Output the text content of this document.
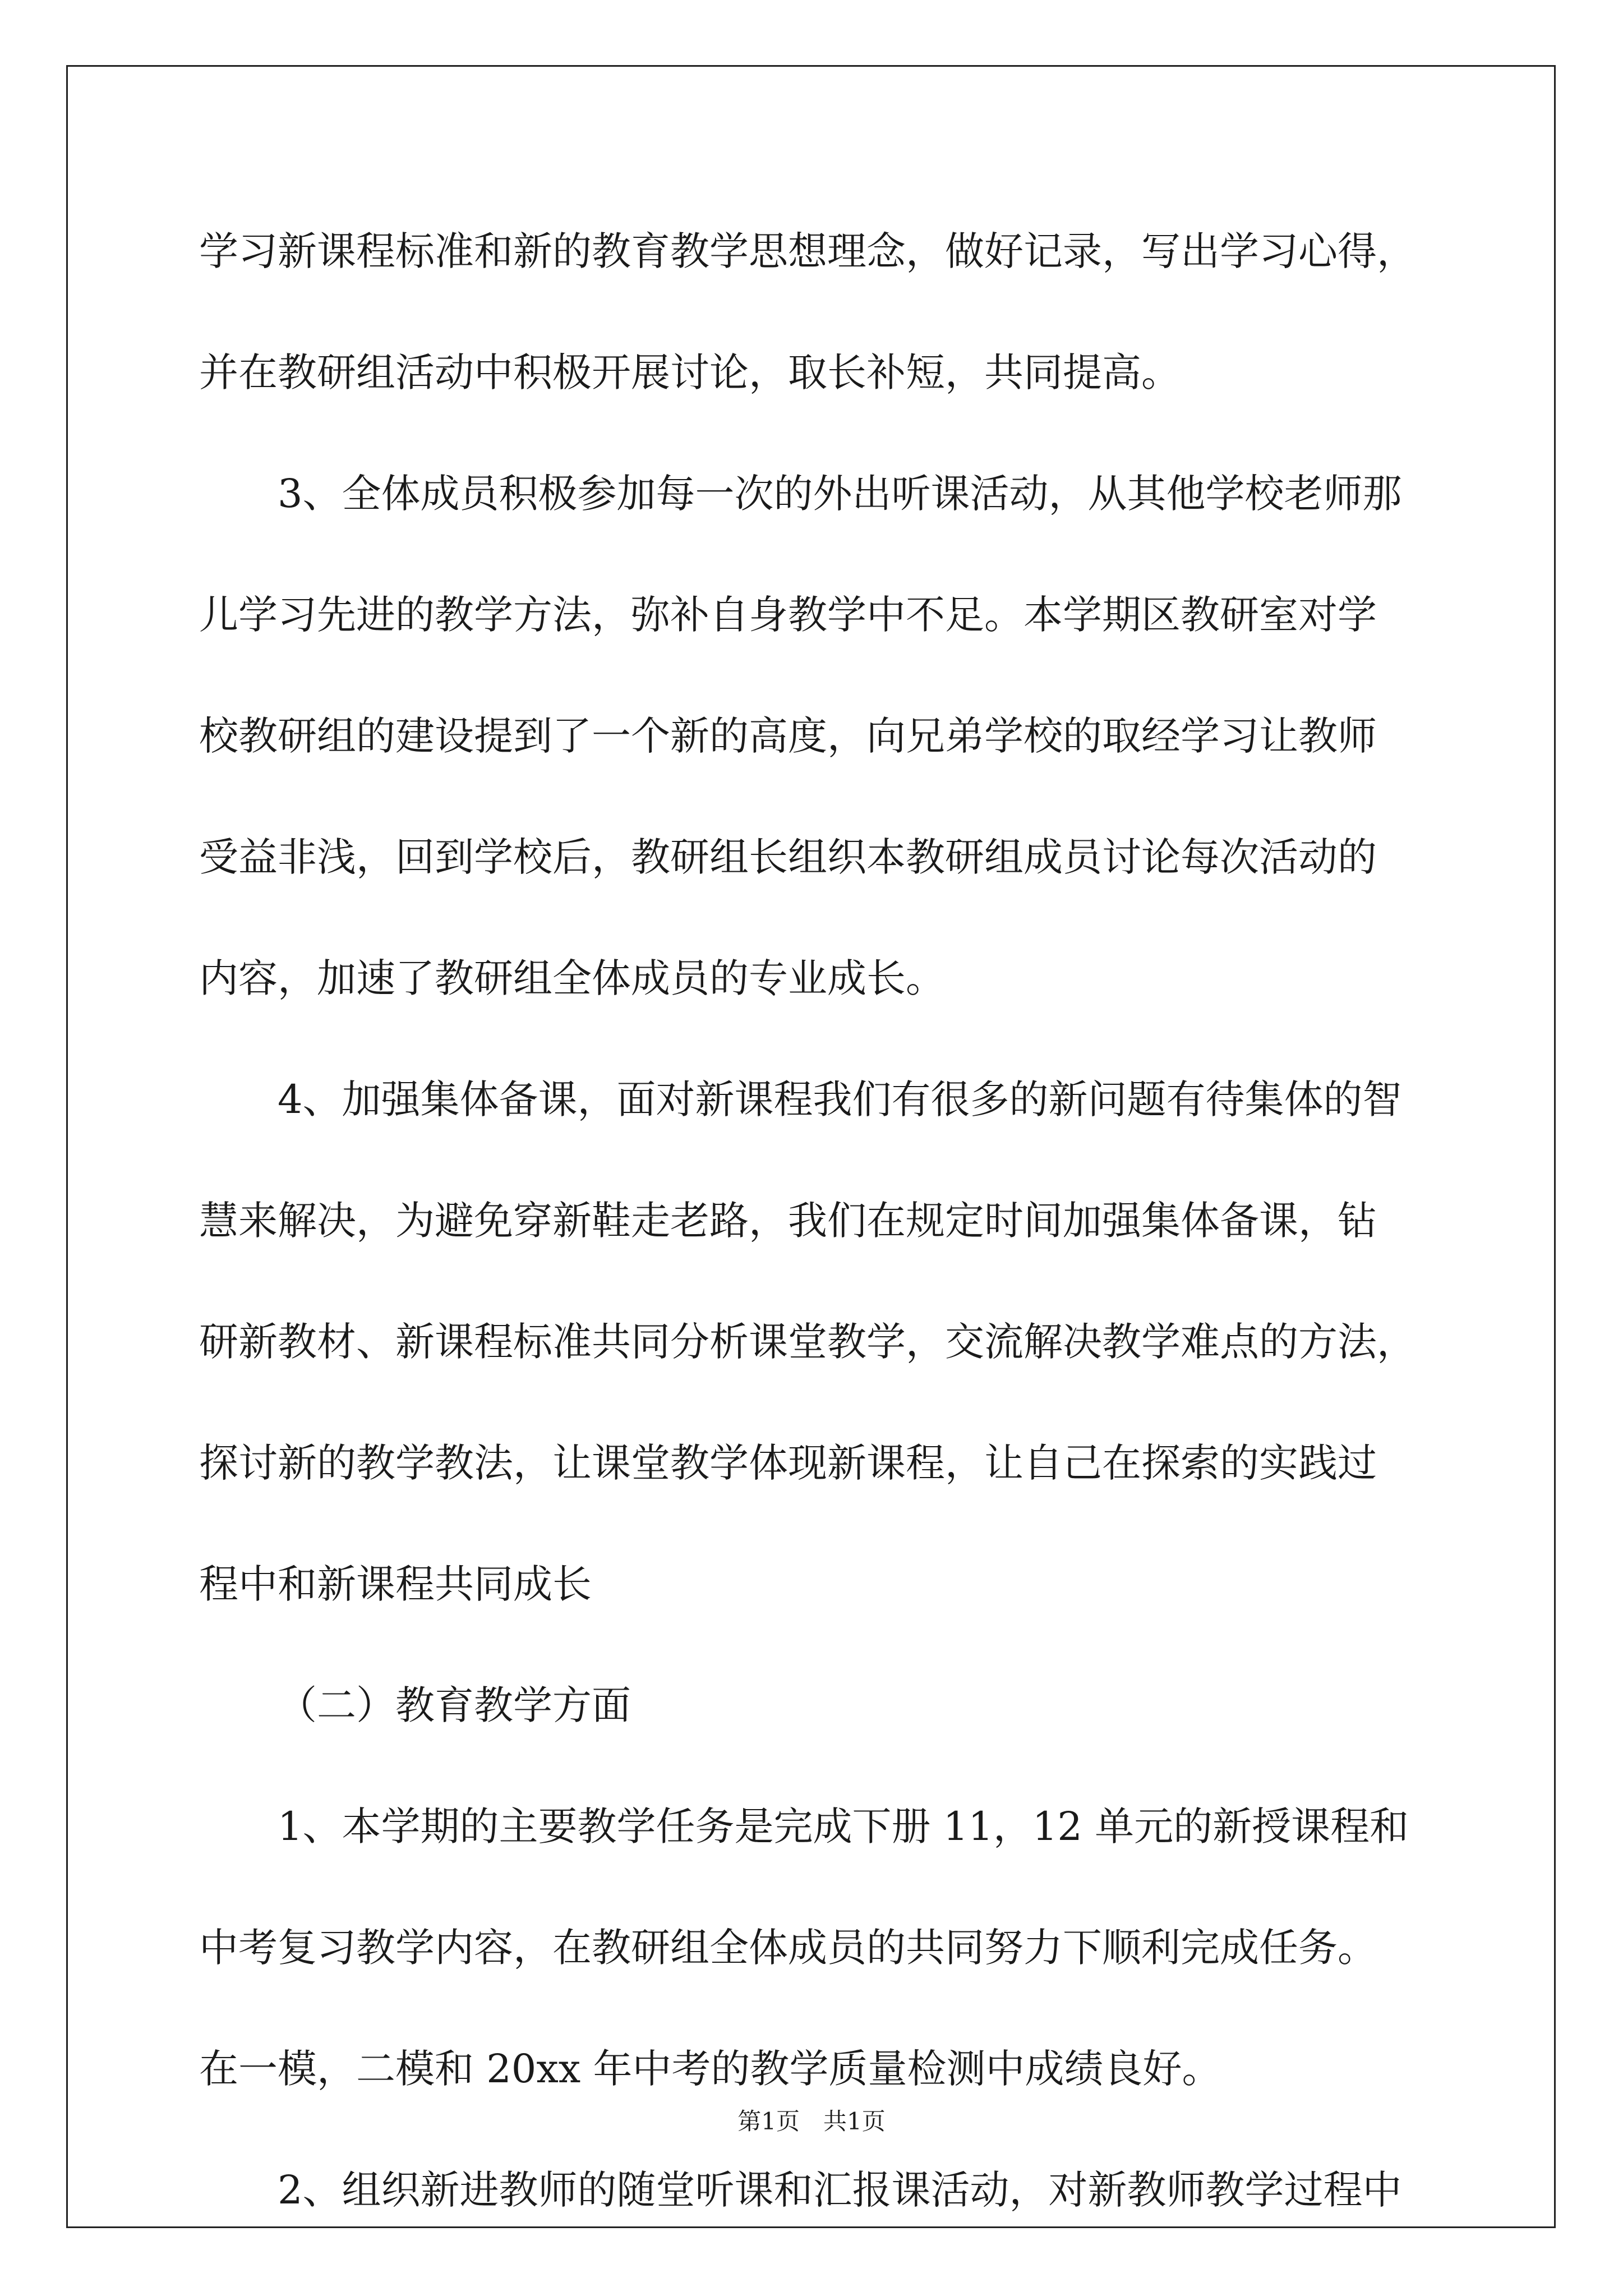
学习新课程标准和新的教育教学思想理念，做好记录，写出学习心得，
并在教研组活动中积极开展讨论，取长补短，共同提高。
3、全体成员积极参加每一次的外出听课活动，从其他学校老师那
儿学习先进的教学方法，弥补自身教学中不足。本学期区教研室对学
校教研组的建设提到了一个新的高度，向兄弟学校的取经学习让教师
受益非浅，回到学校后，教研组长组织本教研组成员讨论每次活动的
内容，加速了教研组全体成员的专业成长。
4、加强集体备课，面对新课程我们有很多的新问题有待集体的智
慧来解决，为避免穿新鞋走老路，我们在规定时间加强集体备课，钻
研新教材、新课程标准共同分析课堂教学，交流解决教学难点的方法，
探讨新的教学教法，让课堂教学体现新课程，让自己在探索的实践过
程中和新课程共同成长
（二）教育教学方面
1、本学期的主要教学任务是完成下册 11，12 单元的新授课程和
中考复习教学内容，在教研组全体成员的共同努力下顺利完成任务。
在一模，二模和 20xx 年中考的教学质量检测中成绩良好。
2、组织新进教师的随堂听课和汇报课活动，对新教师教学过程中
第1页　共1页
